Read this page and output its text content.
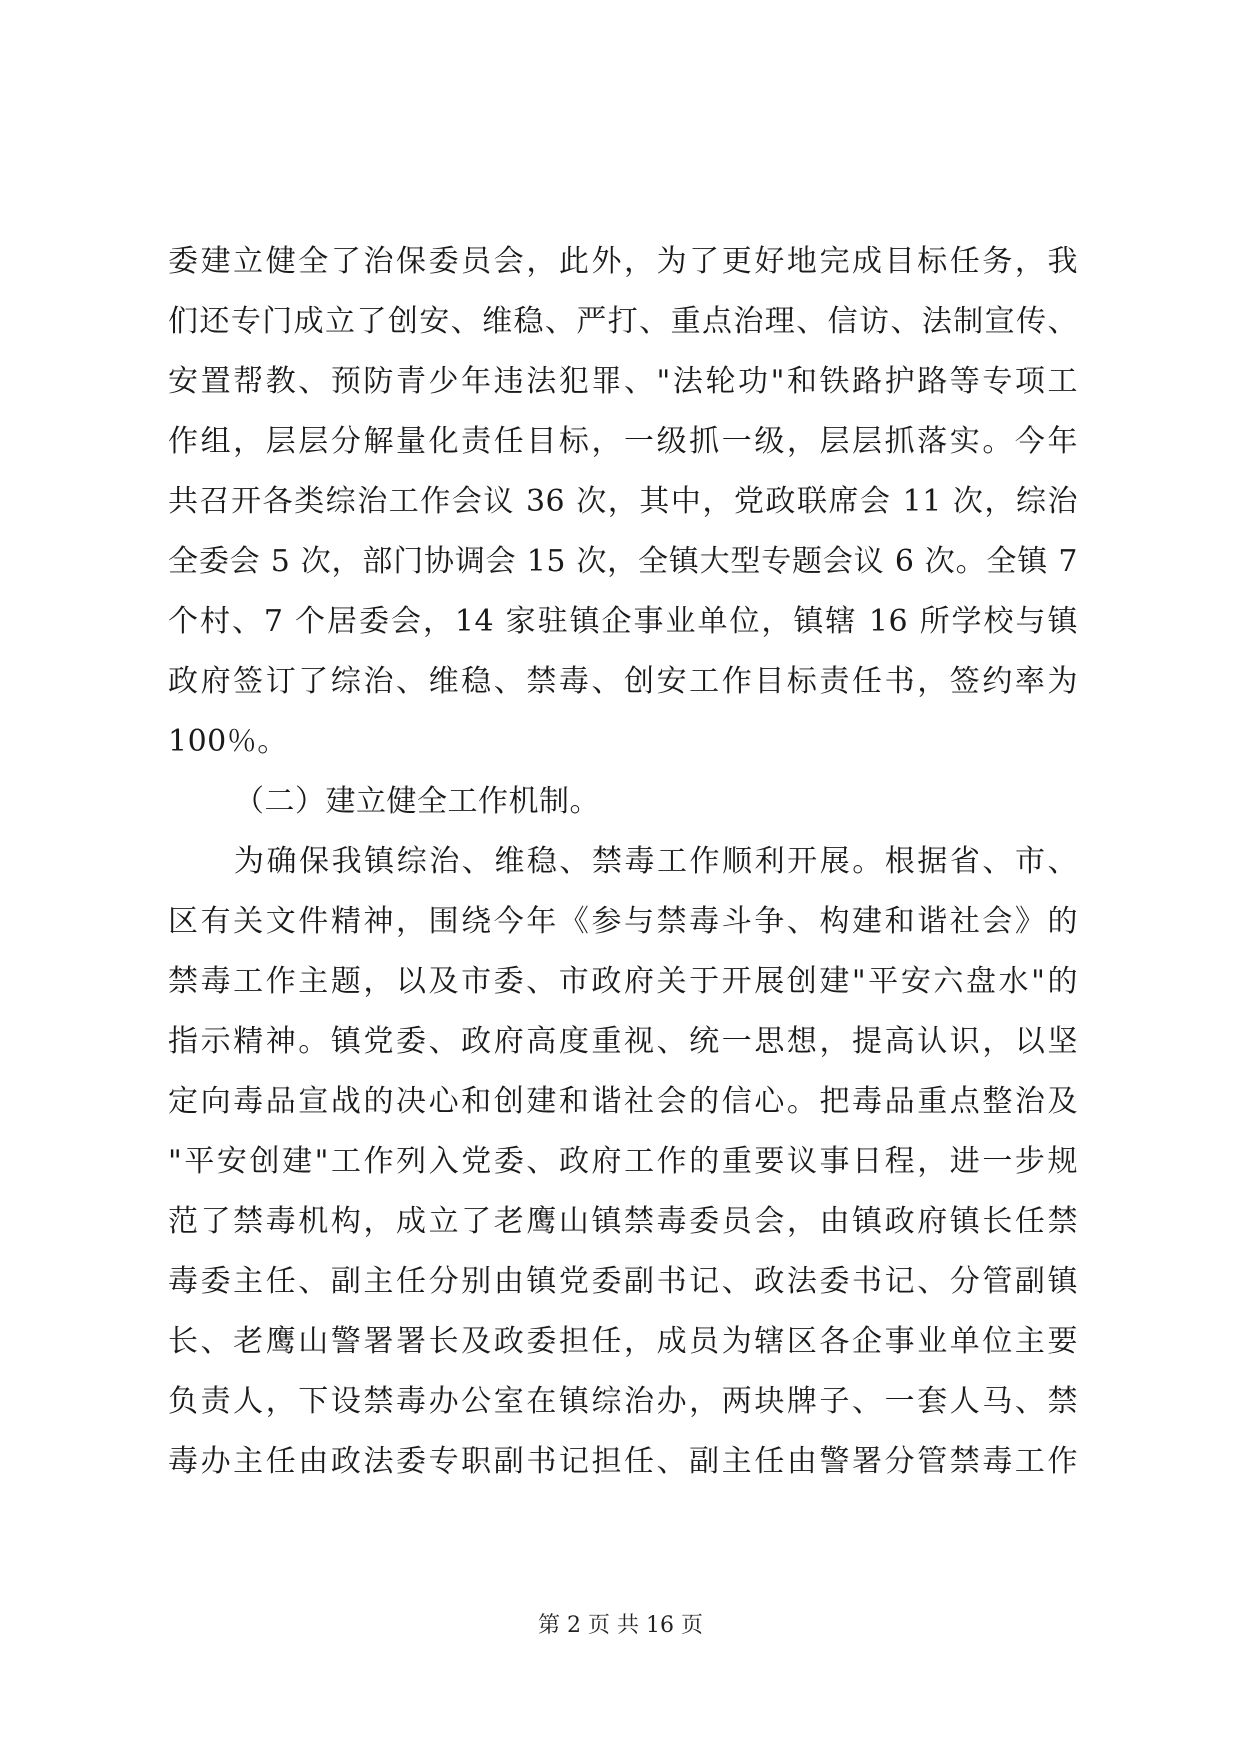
委建立健全了治保委员会，此外，为了更好地完成目标任务，我
们还专门成立了创安、维稳、严打、重点治理、信访、法制宣传、
安置帮教、预防青少年违法犯罪、"法轮功"和铁路护路等专项工
作组，层层分解量化责任目标，一级抓一级，层层抓落实。今年
共召开各类综治工作会议 36 次，其中，党政联席会 11 次，综治
全委会 5 次，部门协调会 15 次，全镇大型专题会议 6 次。全镇 7
个村、7 个居委会，14 家驻镇企事业单位，镇辖 16 所学校与镇
政府签订了综治、维稳、禁毒、创安工作目标责任书，签约率为
100％。
（二）建立健全工作机制。
为确保我镇综治、维稳、禁毒工作顺利开展。根据省、市、
区有关文件精神，围绕今年《参与禁毒斗争、构建和谐社会》的
禁毒工作主题，以及市委、市政府关于开展创建"平安六盘水"的
指示精神。镇党委、政府高度重视、统一思想，提高认识，以坚
定向毒品宣战的决心和创建和谐社会的信心。把毒品重点整治及
"平安创建"工作列入党委、政府工作的重要议事日程，进一步规
范了禁毒机构，成立了老鹰山镇禁毒委员会，由镇政府镇长任禁
毒委主任、副主任分别由镇党委副书记、政法委书记、分管副镇
长、老鹰山警署署长及政委担任，成员为辖区各企事业单位主要
负责人，下设禁毒办公室在镇综治办，两块牌子、一套人马、禁
毒办主任由政法委专职副书记担任、副主任由警署分管禁毒工作
第 2 页 共 16 页
